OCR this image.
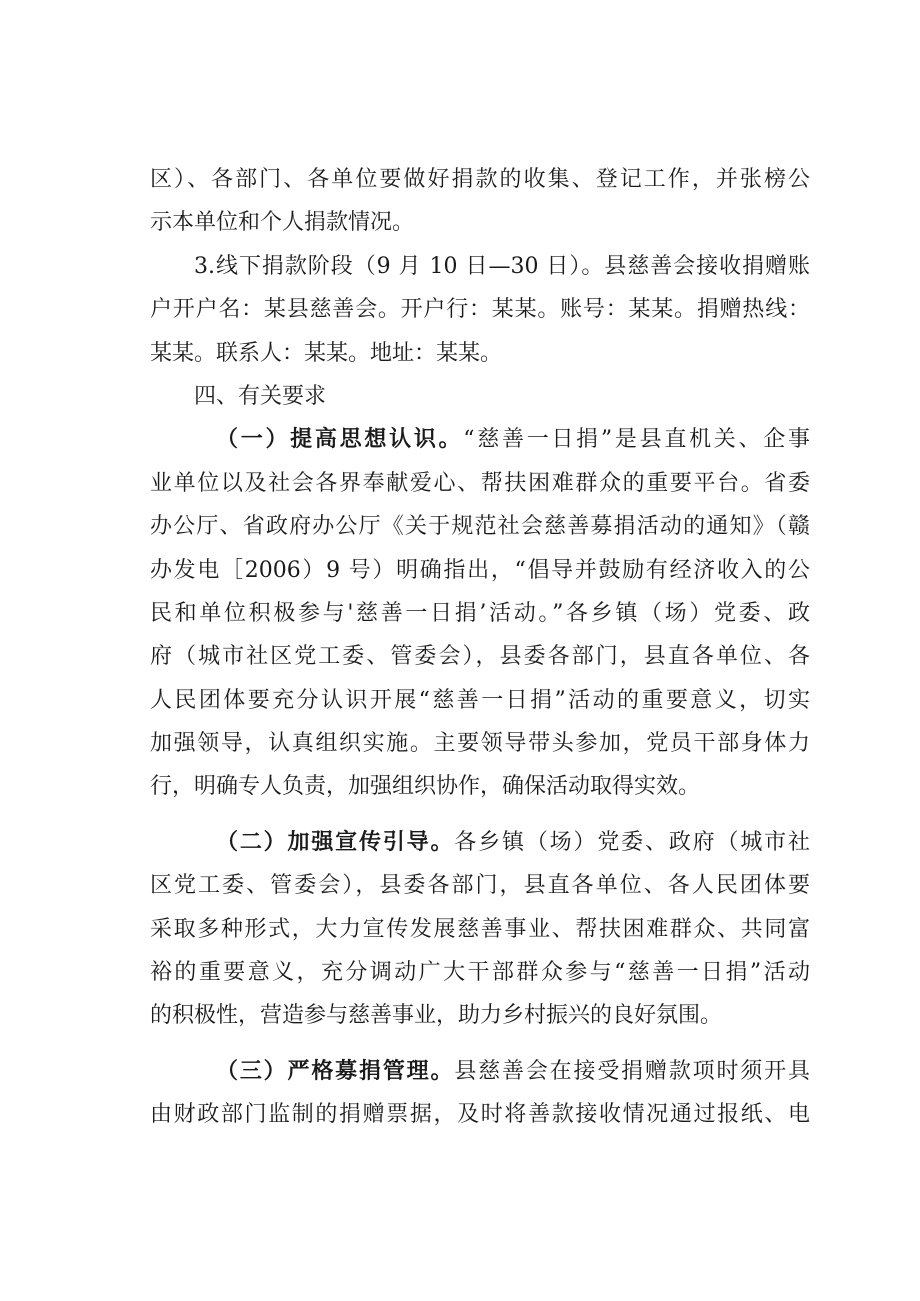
区）、各部门、各单位要做好捐款的收集、登记工作，并张榜公
示本单位和个人捐款情况。
3.线下捐款阶段（9 月 10 日—30 日）。县慈善会接收捐赠账
户开户名：某县慈善会。开户行：某某。账号：某某。捐赠热线：
某某。联系人：某某。地址：某某。
四、有关要求
（一）提高思想认识。“慈善一日捐”是县直机关、企事
业单位以及社会各界奉献爱心、帮扶困难群众的重要平台。省委
办公厅、省政府办公厅《关于规范社会慈善募捐活动的通知》（赣
办发电［2006）9 号）明确指出，“倡导并鼓励有经济收入的公
民和单位积极参与'慈善一日捐’活动。”各乡镇（场）党委、政
府（城市社区党工委、管委会），县委各部门，县直各单位、各
人民团体要充分认识开展“慈善一日捐”活动的重要意义，切实
加强领导，认真组织实施。主要领导带头参加，党员干部身体力
行，明确专人负责，加强组织协作，确保活动取得实效。
（二）加强宣传引导。各乡镇（场）党委、政府（城市社
区党工委、管委会），县委各部门，县直各单位、各人民团体要
采取多种形式，大力宣传发展慈善事业、帮扶困难群众、共同富
裕的重要意义，充分调动广大干部群众参与“慈善一日捐”活动
的积极性，营造参与慈善事业，助力乡村振兴的良好氛围。
（三）严格募捐管理。县慈善会在接受捐赠款项时须开具
由财政部门监制的捐赠票据，及时将善款接收情况通过报纸、电
